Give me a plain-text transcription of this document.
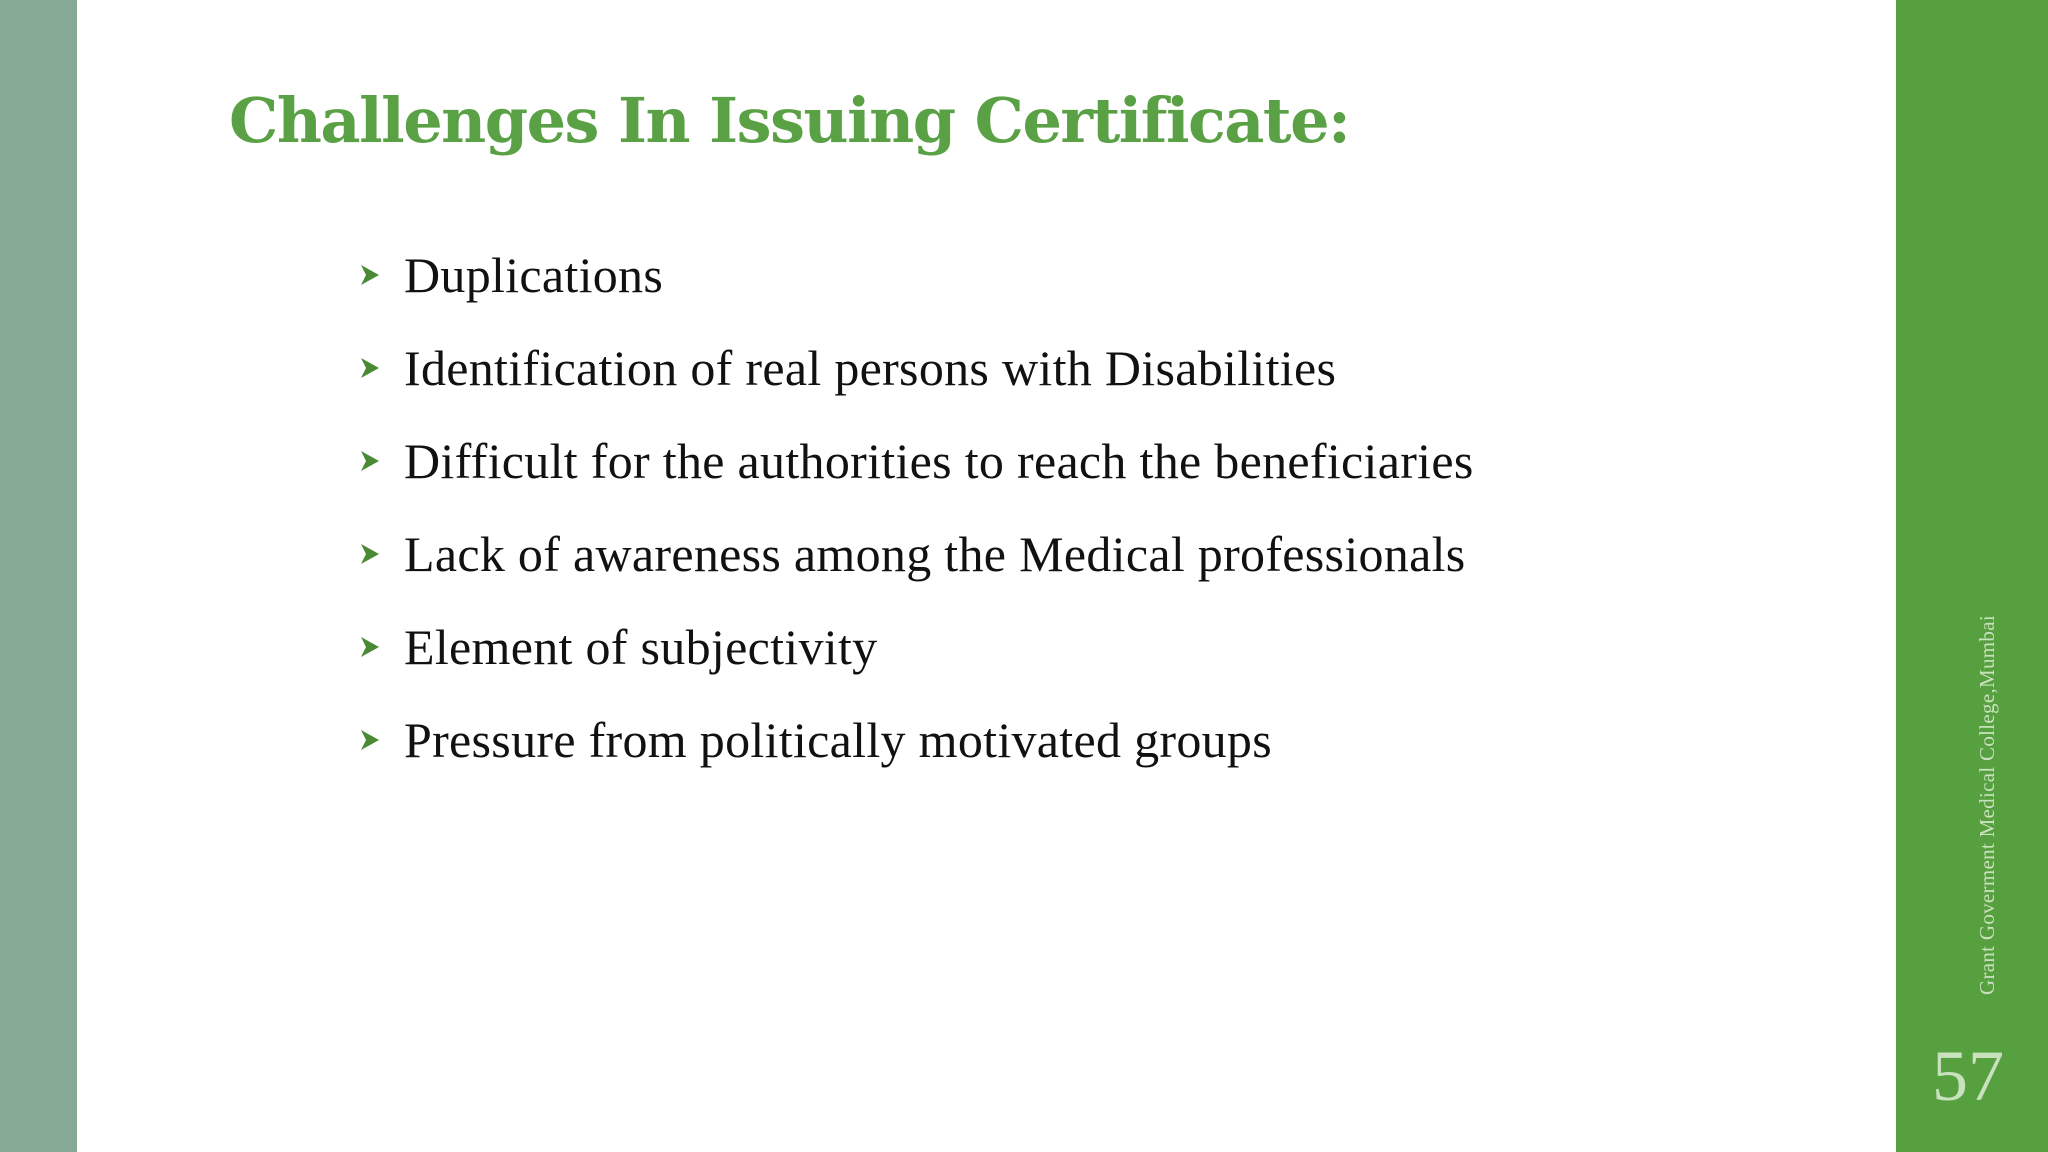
Challenges In Issuing Certificate:
Duplications
Identification of real persons with Disabilities
Difficult for the authorities to reach the beneficiaries
Lack of awareness among the Medical professionals
Element of subjectivity
Pressure from politically motivated groups	Grant Goverment Medical College,Mumbai
57
